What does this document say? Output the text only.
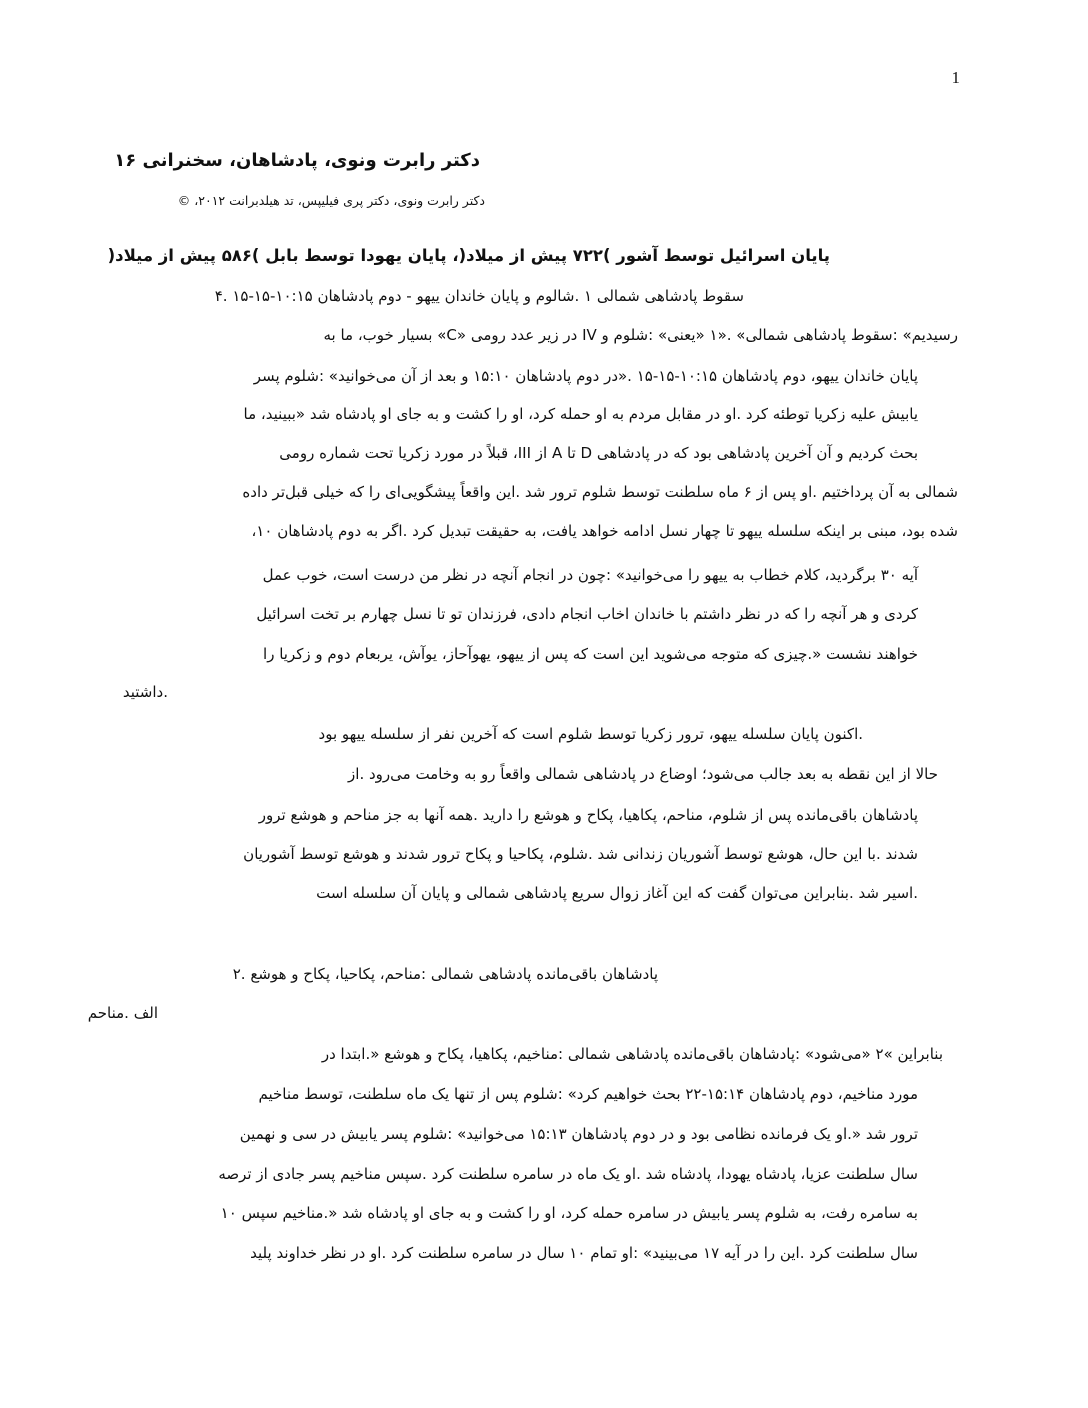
1
دکتر رابرت ونوی، پادشاهان، سخنرانی ۱۶
دکتر رابرت ونوی، دکتر پری فیلیپس، تد هیلدبرانت ۲۰۱۲، ©
پایان اسرائیل توسط آشور )۷۲۲ پیش از میلاد(، پایان یهودا توسط بابل )۵۸۶ پیش از میلاد(
سقوط پادشاهی شمالی ۱ .شالوم و پایان خاندان ییهو - دوم پادشاهان ۱۰:۱۵-۱۵-۱۵ .۴
رسیدیم» :سقوط پادشاهی شمالی» .«۱ «یعنی» :شلوم و IV در زیر عدد رومی «C» بسیار خوب، ما به
پایان خاندان ییهو، دوم پادشاهان ۱۰:۱۵-۱۵-۱۵ .«در دوم پادشاهان ۱۵:۱۰ و بعد از آن می‌خوانید» :شلوم پسر
یابیش علیه زکریا توطئه کرد .او در مقابل مردم به او حمله کرد، او را کشت و به جای او پادشاه شد «ببینید، ما
بحث کردیم و آن آخرین پادشاهی بود که در پادشاهی D تا A از III، قبلاً در مورد زکریا تحت شماره رومی
شمالی به آن پرداختیم .او پس از ۶ ماه سلطنت توسط شلوم ترور شد .این واقعاً پیشگویی‌ای را که خیلی قبل‌تر داده
شده بود، مبنی بر اینکه سلسله ییهو تا چهار نسل ادامه خواهد یافت، به حقیقت تبدیل کرد .اگر به دوم پادشاهان ۱۰،
آیه ۳۰ برگردید، کلام خطاب به ییهو را می‌خوانید» :چون در انجام آنچه در نظر من درست است، خوب عمل
کردی و هر آنچه را که در نظر داشتم با خاندان اخاب انجام دادی، فرزندان تو تا نسل چهارم بر تخت اسرائیل
خواهند نشست «.چیزی که متوجه می‌شوید این است که پس از ییهو، یهوآحاز، یوآش، یربعام دوم و زکریا را
.داشتید
.اکنون پایان سلسله ییهو، ترور زکریا توسط شلوم است که آخرین نفر از سلسله ییهو بود
حالا از این نقطه به بعد جالب می‌شود؛ اوضاع در پادشاهی شمالی واقعاً رو به وخامت می‌رود .از
پادشاهان باقی‌مانده پس از شلوم، مناحم، پکاهیا، پکاح و هوشع را دارید .همه آنها به جز مناحم و هوشع ترور
شدند .با این حال، هوشع توسط آشوریان زندانی شد .شلوم، پکاحیا و پکاح ترور شدند و هوشع توسط آشوریان
.اسیر شد .بنابراین می‌توان گفت که این آغاز زوال سریع پادشاهی شمالی و پایان آن سلسله است
پادشاهان باقی‌مانده پادشاهی شمالی :مناحم، پکاحیا، پکاح و هوشع .۲
الف .مناحم
بنابراین »۲ «می‌شود» :پادشاهان باقی‌مانده پادشاهی شمالی :مناخیم، پکاهیا، پکاح و هوشع «.ابتدا در
مورد مناخیم، دوم پادشاهان ۱۵:۱۴-۲۲ بحث خواهیم کرد» :شلوم پس از تنها یک ماه سلطنت، توسط مناخیم
ترور شد «.او یک فرمانده نظامی بود و در دوم پادشاهان ۱۵:۱۳ می‌خوانید» :شلوم پسر یابیش در سی و نهمین
سال سلطنت عزیا، پادشاه یهودا، پادشاه شد .او یک ماه در سامره سلطنت کرد .سپس مناخیم پسر جادی از ترصه
به سامره رفت، به شلوم پسر یابیش در سامره حمله کرد، او را کشت و به جای او پادشاه شد «.مناخیم سپس ۱۰
سال سلطنت کرد .این را در آیه ۱۷ می‌بینید» :او تمام ۱۰ سال در سامره سلطنت کرد .او در نظر خداوند پلید
